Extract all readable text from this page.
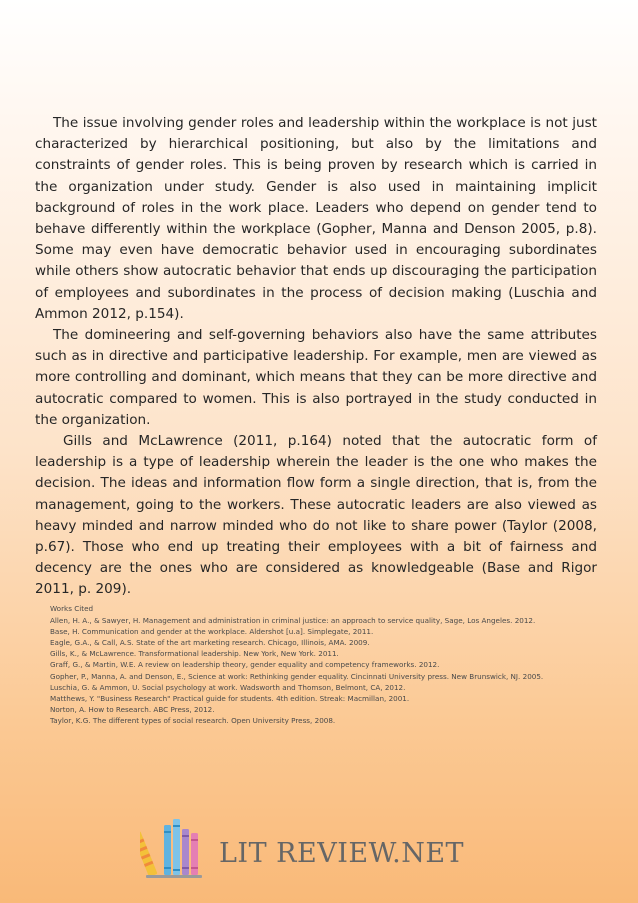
The issue involving gender roles and leadership within the workplace is not just characterized by hierarchical positioning, but also by the limitations and constraints of gender roles. This is being proven by research which is carried in the organization under study. Gender is also used in maintaining implicit background of roles in the work place. Leaders who depend on gender tend to behave differently within the workplace (Gopher, Manna and Denson 2005, p.8). Some may even have democratic behavior used in encouraging subordinates while others show autocratic behavior that ends up discouraging the participation of employees and subordinates in the process of decision making (Luschia and Ammon 2012, p.154).

The domineering and self-governing behaviors also have the same attributes such as in directive and participative leadership. For example, men are viewed as more controlling and dominant, which means that they can be more directive and autocratic compared to women. This is also portrayed in the study conducted in the organization.

Gills and McLawrence (2011, p.164) noted that the autocratic form of leadership is a type of leadership wherein the leader is the one who makes the decision. The ideas and information flow form a single direction, that is, from the management, going to the workers. These autocratic leaders are also viewed as heavy minded and narrow minded who do not like to share power (Taylor (2008, p.67). Those who end up treating their employees with a bit of fairness and decency are the ones who are considered as knowledgeable (Base and Rigor 2011, p. 209).

Works Cited
Allen, H. A., & Sawyer, H. Management and administration in criminal justice: an approach to service quality, Sage, Los Angeles. 2012.
Base, H. Communication and gender at the workplace. Aldershot [u.a]. Simplegate, 2011.
Eagle, G.A., & Call, A.S. State of the art marketing research. Chicago, Illinois, AMA. 2009.
Gills, K., & McLawrence. Transformational leadership. New York, New York. 2011.
Graff, G., & Martin, W.E. A review on leadership theory, gender equality and competency frameworks. 2012.
Gopher, P., Manna, A. and Denson, E., Science at work: Rethinking gender equality. Cincinnati University press. New Brunswick, NJ. 2005.
Luschia, G. & Ammon, U. Social psychology at work. Wadsworth and Thomson, Belmont, CA, 2012.
Matthews, Y. "Business Research" Practical guide for students. 4th edition. Streak: Macmillan, 2001.
Norton, A. How to Research. ABC Press, 2012.
Taylor, K.G. The different types of social research. Open University Press, 2008.
LIT REVIEW.NET
